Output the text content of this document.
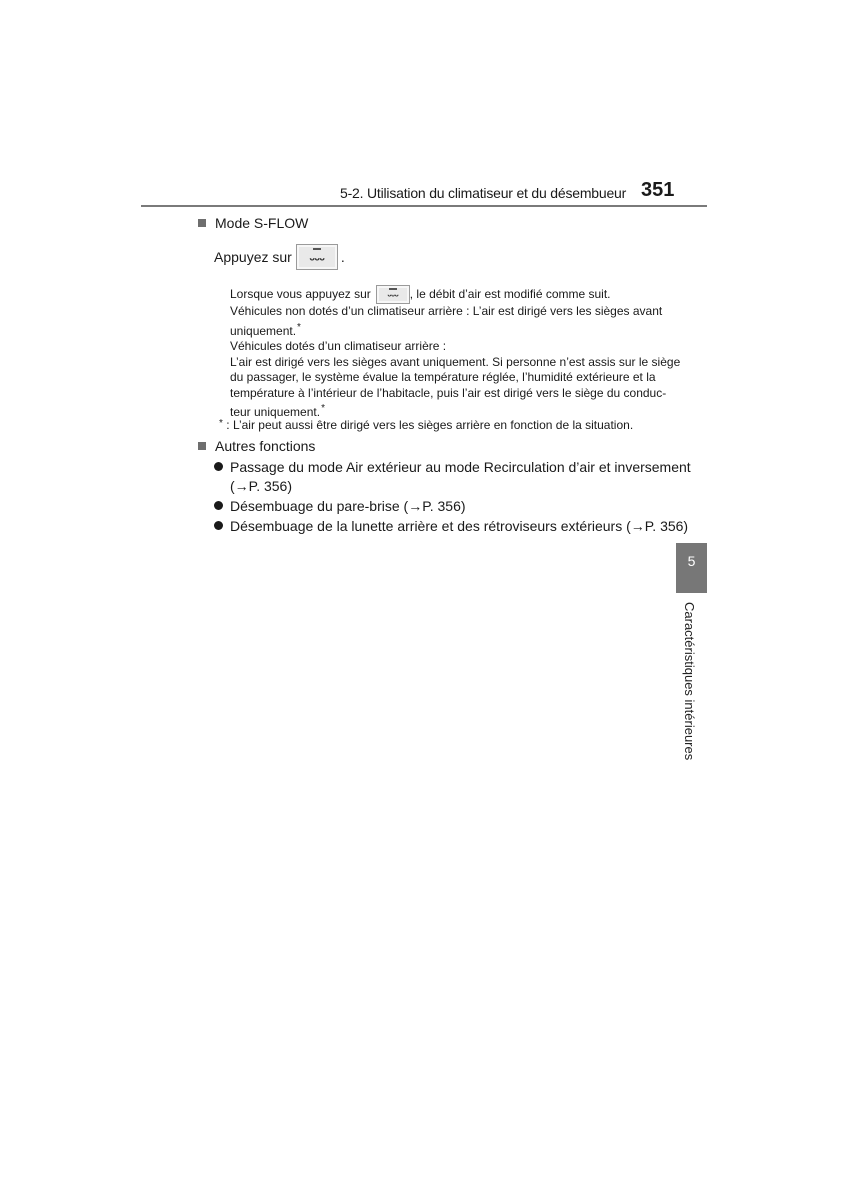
5-2. Utilisation du climatiseur et du désembueur 351
Mode S-FLOW
Appuyez sur ᴗᴗᴗ .

Lorsque vous appuyez sur	ᴗᴗᴗ , le débit d’air est modifié comme suit.

Véhicules non dotés d’un climatiseur arrière : L’air est dirigé vers les sièges avant

uniquement.*

Véhicules dotés d’un climatiseur arrière :

L’air est dirigé vers les sièges avant uniquement. Si personne n’est assis sur le siège

du passager, le système évalue la température réglée, l’humidité extérieure et la

température à l’intérieur de l’habitacle, puis l’air est dirigé vers le siège du conduc-

teur uniquement.*

* : L’air peut aussi être dirigé vers les sièges arrière en fonction de la situation.
Autres fonctions
Passage du mode Air extérieur au mode Recirculation d’air et inversement
(→P. 356)
Désembuage du pare-brise (→P. 356)
Désembuage de la lunette arrière et des rétroviseurs extérieurs (→P. 356)
5
Caractéristiques intérieures
